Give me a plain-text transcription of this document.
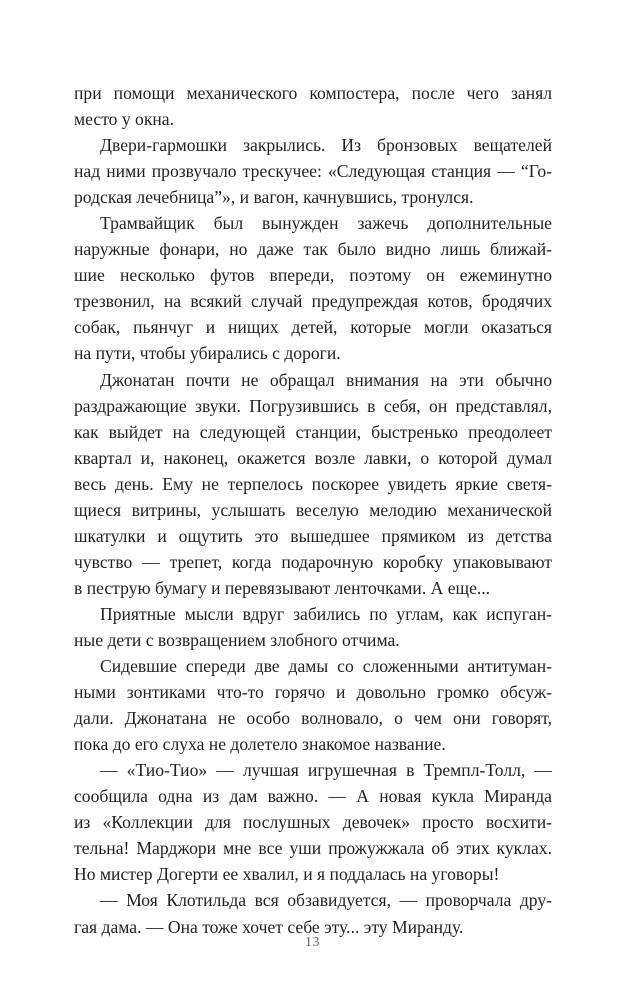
при помощи механического компостера, после чего занял
место у окна.

Двери-гармошки закрылись. Из бронзовых вещателей
над ними прозвучало трескучее: «Следующая станция — “Го-
родская лечебница”», и вагон, качнувшись, тронулся.

Трамвайщик был вынужден зажечь дополнительные
наружные фонари, но даже так было видно лишь ближай-
шие несколько футов впереди, поэтому он ежеминутно
трезвонил, на всякий случай предупреждая котов, бродячих
собак, пьянчуг и нищих детей, которые могли оказаться
на пути, чтобы убирались с дороги.

Джонатан почти не обращал внимания на эти обычно
раздражающие звуки. Погрузившись в себя, он представлял,
как выйдет на следующей станции, быстренько преодолеет
квартал и, наконец, окажется возле лавки, о которой думал
весь день. Ему не терпелось поскорее увидеть яркие светя-
щиеся витрины, услышать веселую мелодию механической
шкатулки и ощутить это вышедшее прямиком из детства
чувство — трепет, когда подарочную коробку упаковывают
в пеструю бумагу и перевязывают ленточками. А еще...

Приятные мысли вдруг забились по углам, как испуган-
ные дети с возвращением злобного отчима.

Сидевшие спереди две дамы со сложенными антитуман-
ными зонтиками что-то горячо и довольно громко обсуж-
дали. Джонатана не особо волновало, о чем они говорят,
пока до его слуха не долетело знакомое название.

— «Тио-Тио» — лучшая игрушечная в Тремпл-Толл, —
сообщила одна из дам важно. — А новая кукла Миранда
из «Коллекции для послушных девочек» просто восхити-
тельна! Марджори мне все уши прожужжала об этих куклах.
Но мистер Догерти ее хвалил, и я поддалась на уговоры!

— Моя Клотильда вся обзавидуется, — проворчала дру-
гая дама. — Она тоже хочет себе эту... эту Миранду.

13
